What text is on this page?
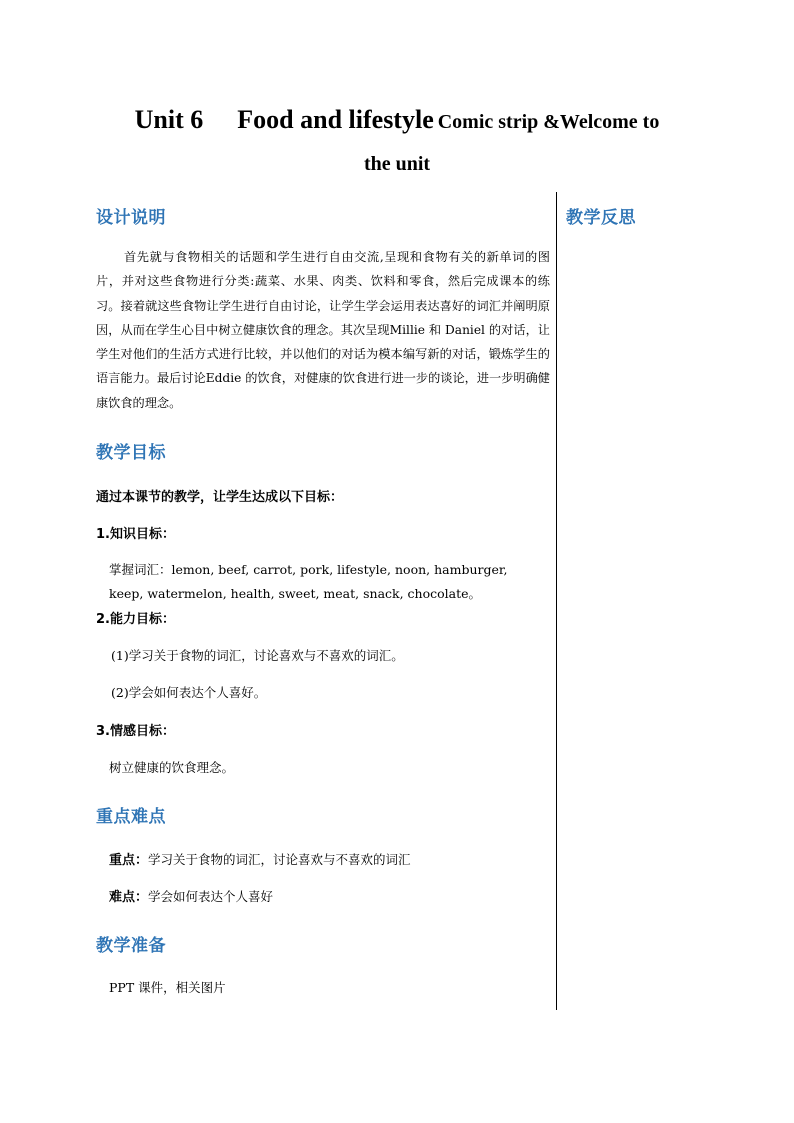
Unit 6 Food and lifestyle Comic strip &Welcome to
the unit
设计说明	教学反思
首先就与食物相关的话题和学生进行自由交流,呈现和食物有关的新单词的图片，并对这些食物进行分类:蔬菜、水果、肉类、饮料和零食，然后完成课本的练习。接着就这些食物让学生进行自由讨论，让学生学会运用表达喜好的词汇并阐明原因，从而在学生心目中树立健康饮食的理念。其次呈现Millie 和 Daniel 的对话，让学生对他们的生活方式进行比较，并以他们的对话为模本编写新的对话，锻炼学生的语言能力。最后讨论Eddie 的饮食，对健康的饮食进行进一步的谈论，进一步明确健康饮食的理念。
教学目标
通过本课节的教学，让学生达成以下目标：
1.知识目标：
掌握词汇：lemon, beef, carrot, pork, lifestyle, noon, hamburger, keep, watermelon, health, sweet, meat, snack, chocolate。
2.能力目标：
(1)学习关于食物的词汇，讨论喜欢与不喜欢的词汇。
(2)学会如何表达个人喜好。
3.情感目标：
树立健康的饮食理念。
重点难点
重点：学习关于食物的词汇，讨论喜欢与不喜欢的词汇
难点：学会如何表达个人喜好
教学准备
PPT 课件，相关图片
